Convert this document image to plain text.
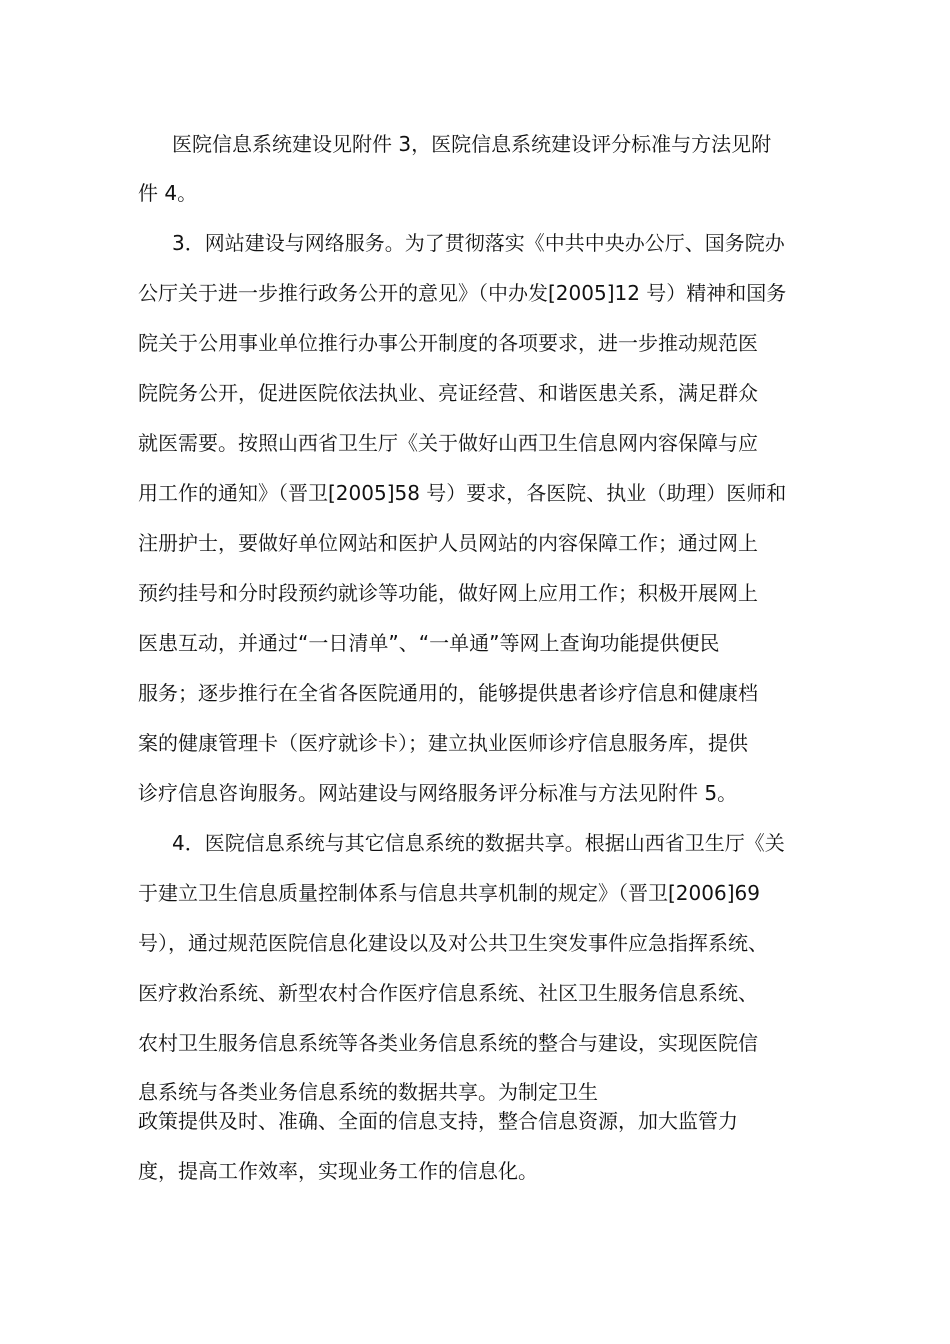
医院信息系统建设见附件 3，医院信息系统建设评分标准与方法见附
件 4。
3．网站建设与网络服务。为了贯彻落实《中共中央办公厅、国务院办
公厅关于进一步推行政务公开的意见》（中办发[2005]12 号）精神和国务
院关于公用事业单位推行办事公开制度的各项要求，进一步推动规范医
院院务公开，促进医院依法执业、亮证经营、和谐医患关系，满足群众
就医需要。按照山西省卫生厅《关于做好山西卫生信息网内容保障与应
用工作的通知》（晋卫[2005]58 号）要求，各医院、执业（助理）医师和
注册护士，要做好单位网站和医护人员网站的内容保障工作；通过网上
预约挂号和分时段预约就诊等功能，做好网上应用工作；积极开展网上
医患互动，并通过“一日清单”、“一单通”等网上查询功能提供便民
服务；逐步推行在全省各医院通用的，能够提供患者诊疗信息和健康档
案的健康管理卡（医疗就诊卡）；建立执业医师诊疗信息服务库，提供
诊疗信息咨询服务。网站建设与网络服务评分标准与方法见附件 5。
4．医院信息系统与其它信息系统的数据共享。根据山西省卫生厅《关
于建立卫生信息质量控制体系与信息共享机制的规定》（晋卫[2006]69
号），通过规范医院信息化建设以及对公共卫生突发事件应急指挥系统、
医疗救治系统、新型农村合作医疗信息系统、社区卫生服务信息系统、
农村卫生服务信息系统等各类业务信息系统的整合与建设，实现医院信
息系统与各类业务信息系统的数据共享。为制定卫生
政策提供及时、准确、全面的信息支持，整合信息资源，加大监管力
度，提高工作效率，实现业务工作的信息化。
